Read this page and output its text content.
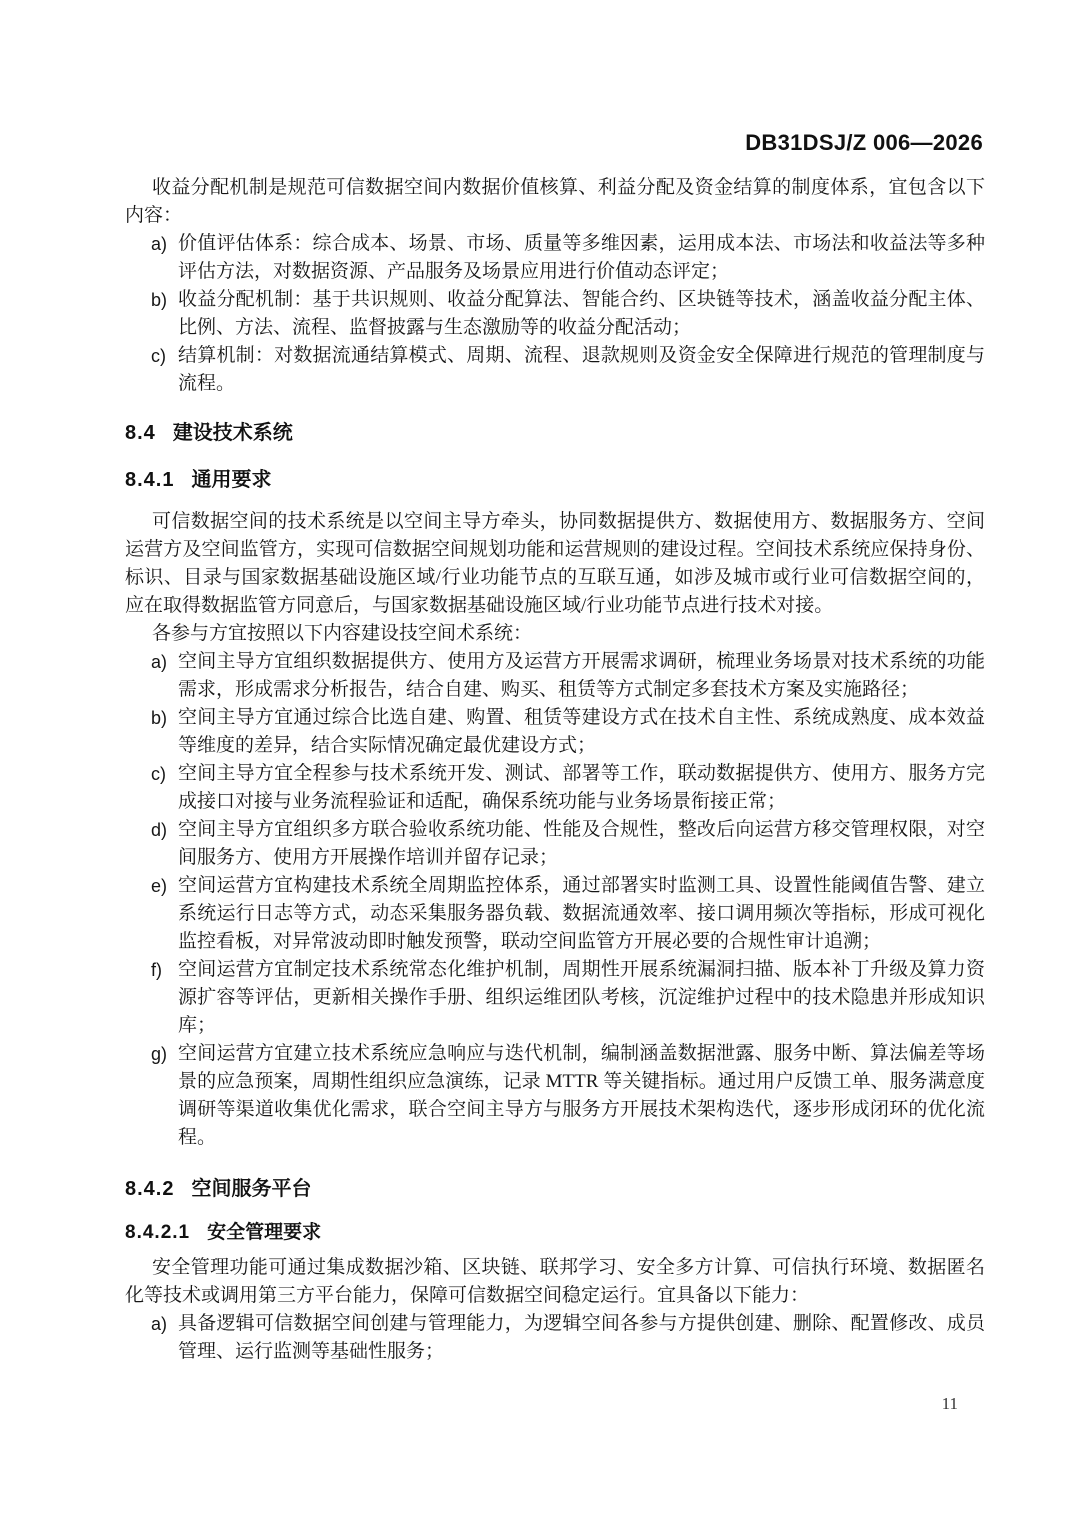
DB31DSJ/Z 006—2026

收益分配机制是规范可信数据空间内数据价值核算、利益分配及资金结算的制度体系，宜包含以下内容：

a) 价值评估体系：综合成本、场景、市场、质量等多维因素，运用成本法、市场法和收益法等多种评估方法，对数据资源、产品服务及场景应用进行价值动态评定；
b) 收益分配机制：基于共识规则、收益分配算法、智能合约、区块链等技术，涵盖收益分配主体、比例、方法、流程、监督披露与生态激励等的收益分配活动；
c) 结算机制：对数据流通结算模式、周期、流程、退款规则及资金安全保障进行规范的管理制度与流程。
8.4 建设技术系统
8.4.1 通用要求

可信数据空间的技术系统是以空间主导方牵头，协同数据提供方、数据使用方、数据服务方、空间运营方及空间监管方，实现可信数据空间规划功能和运营规则的建设过程。空间技术系统应保持身份、标识、目录与国家数据基础设施区域/行业功能节点的互联互通，如涉及城市或行业可信数据空间的，应在取得数据监管方同意后，与国家数据基础设施区域/行业功能节点进行技术对接。

各参与方宜按照以下内容建设技空间术系统：

a) 空间主导方宜组织数据提供方、使用方及运营方开展需求调研，梳理业务场景对技术系统的功能需求，形成需求分析报告，结合自建、购买、租赁等方式制定多套技术方案及实施路径；
b) 空间主导方宜通过综合比选自建、购置、租赁等建设方式在技术自主性、系统成熟度、成本效益等维度的差异，结合实际情况确定最优建设方式；
c) 空间主导方宜全程参与技术系统开发、测试、部署等工作，联动数据提供方、使用方、服务方完成接口对接与业务流程验证和适配，确保系统功能与业务场景衔接正常；
d) 空间主导方宜组织多方联合验收系统功能、性能及合规性，整改后向运营方移交管理权限，对空间服务方、使用方开展操作培训并留存记录；
e) 空间运营方宜构建技术系统全周期监控体系，通过部署实时监测工具、设置性能阈值告警、建立系统运行日志等方式，动态采集服务器负载、数据流通效率、接口调用频次等指标，形成可视化监控看板，对异常波动即时触发预警，联动空间监管方开展必要的合规性审计追溯；
f) 空间运营方宜制定技术系统常态化维护机制，周期性开展系统漏洞扫描、版本补丁升级及算力资源扩容等评估，更新相关操作手册、组织运维团队考核，沉淀维护过程中的技术隐患并形成知识库；
g) 空间运营方宜建立技术系统应急响应与迭代机制，编制涵盖数据泄露、服务中断、算法偏差等场景的应急预案，周期性组织应急演练，记录 MTTR 等关键指标。通过用户反馈工单、服务满意度调研等渠道收集优化需求，联合空间主导方与服务方开展技术架构迭代，逐步形成闭环的优化流程。
8.4.2 空间服务平台
8.4.2.1 安全管理要求

安全管理功能可通过集成数据沙箱、区块链、联邦学习、安全多方计算、可信执行环境、数据匿名化等技术或调用第三方平台能力，保障可信数据空间稳定运行。宜具备以下能力：

a) 具备逻辑可信数据空间创建与管理能力，为逻辑空间各参与方提供创建、删除、配置修改、成员管理、运行监测等基础性服务；
11
